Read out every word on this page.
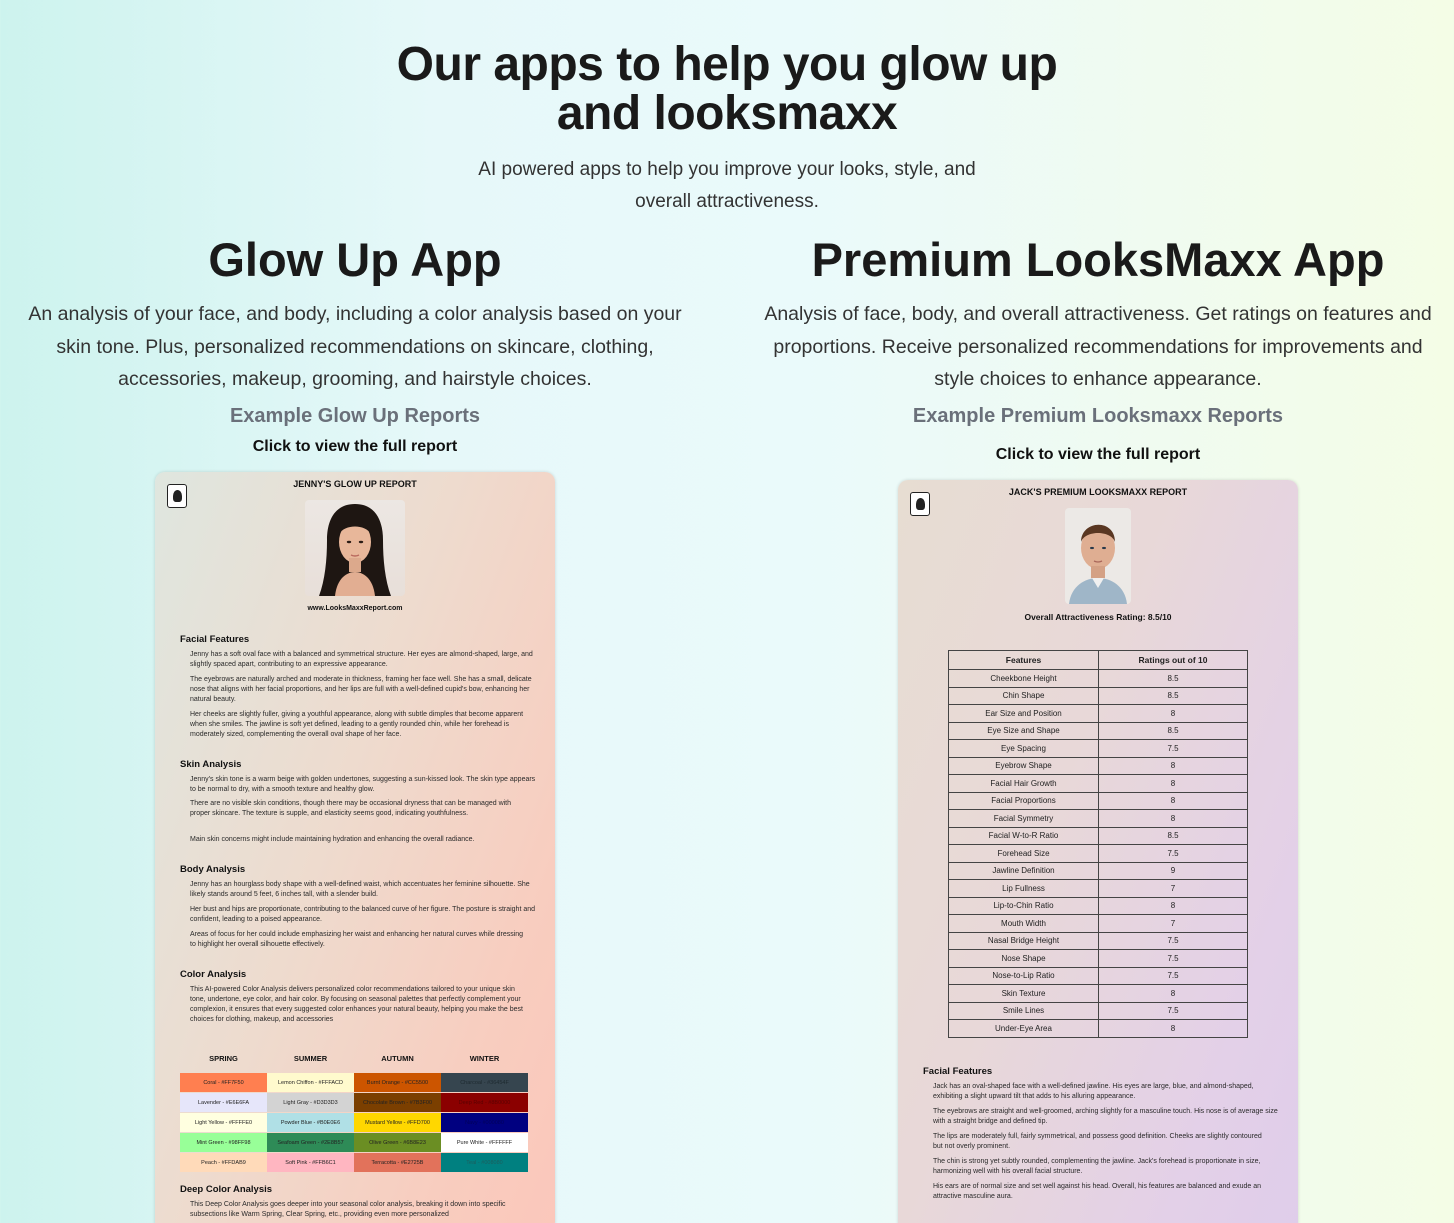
Our apps to help you glow up
and looksmaxx
AI powered apps to help you improve your looks, style, and overall attractiveness.
Glow Up App
An analysis of your face, and body, including a color analysis based on your skin tone. Plus, personalized recommendations on skincare, clothing, accessories, makeup, grooming, and hairstyle choices.
Example Glow Up Reports
Click to view the full report
JENNY'S GLOW UP REPORT
www.LooksMaxxReport.com
Facial Features
Jenny has a soft oval face with a balanced and symmetrical structure. Her eyes are almond-shaped, large, and slightly spaced apart, contributing to an expressive appearance.
The eyebrows are naturally arched and moderate in thickness, framing her face well. She has a small, delicate nose that aligns with her facial proportions, and her lips are full with a well-defined cupid's bow, enhancing her natural beauty.
Her cheeks are slightly fuller, giving a youthful appearance, along with subtle dimples that become apparent when she smiles. The jawline is soft yet defined, leading to a gently rounded chin, while her forehead is moderately sized, complementing the overall oval shape of her face.
Skin Analysis
Jenny's skin tone is a warm beige with golden undertones, suggesting a sun-kissed look. The skin type appears to be normal to dry, with a smooth texture and healthy glow.
There are no visible skin conditions, though there may be occasional dryness that can be managed with proper skincare. The texture is supple, and elasticity seems good, indicating youthfulness.
Main skin concerns might include maintaining hydration and enhancing the overall radiance.
Body Analysis
Jenny has an hourglass body shape with a well-defined waist, which accentuates her feminine silhouette. She likely stands around 5 feet, 6 inches tall, with a slender build.
Her bust and hips are proportionate, contributing to the balanced curve of her figure. The posture is straight and confident, leading to a poised appearance.
Areas of focus for her could include emphasizing her waist and enhancing her natural curves while dressing to highlight her overall silhouette effectively.
Color Analysis
This AI-powered Color Analysis delivers personalized color recommendations tailored to your unique skin tone, undertone, eye color, and hair color. By focusing on seasonal palettes that perfectly complement your complexion, it ensures that every suggested color enhances your natural beauty, helping you make the best choices for clothing, makeup, and accessories
SPRING	SUMMER	AUTUMN	WINTER
Coral - #FF7F50	Lemon Chiffon - #FFFACD	Burnt Orange - #CC5500	Charcoal - #36454F
Lavender - #E6E6FA	Light Gray - #D3D3D3	Chocolate Brown - #7B3F00	Deep Red - #8B0000
Light Yellow - #FFFFE0	Powder Blue - #B0E0E6	Mustard Yellow - #FFD700	Navy - #000080
Mint Green - #98FF98	Seafoam Green - #2E8B57	Olive Green - #6B8E23	Pure White - #FFFFFF
Peach - #FFDAB9	Soft Pink - #FFB6C1	Terracotta - #E2725B	Teal - #008080
Deep Color Analysis
This Deep Color Analysis goes deeper into your seasonal color analysis, breaking it down into specific subsections like Warm Spring, Clear Spring, etc., providing even more personalized
Premium LooksMaxx App
Analysis of face, body, and overall attractiveness. Get ratings on features and proportions. Receive personalized recommendations for improvements and style choices to enhance appearance.
Example Premium Looksmaxx Reports
Click to view the full report
JACK'S PREMIUM LOOKSMAXX REPORT
Overall Attractiveness Rating: 8.5/10
Features	Ratings out of 10
Cheekbone Height	8.5
Chin Shape	8.5
Ear Size and Position	8
Eye Size and Shape	8.5
Eye Spacing	7.5
Eyebrow Shape	8
Facial Hair Growth	8
Facial Proportions	8
Facial Symmetry	8
Facial W-to-R Ratio	8.5
Forehead Size	7.5
Jawline Definition	9
Lip Fullness	7
Lip-to-Chin Ratio	8
Mouth Width	7
Nasal Bridge Height	7.5
Nose Shape	7.5
Nose-to-Lip Ratio	7.5
Skin Texture	8
Smile Lines	7.5
Under-Eye Area	8
Facial Features
Jack has an oval-shaped face with a well-defined jawline. His eyes are large, blue, and almond-shaped, exhibiting a slight upward tilt that adds to his alluring appearance.
The eyebrows are straight and well-groomed, arching slightly for a masculine touch. His nose is of average size with a straight bridge and defined tip.
The lips are moderately full, fairly symmetrical, and possess good definition. Cheeks are slightly contoured but not overly prominent.
The chin is strong yet subtly rounded, complementing the jawline. Jack's forehead is proportionate in size, harmonizing well with his overall facial structure.
His ears are of normal size and set well against his head. Overall, his features are balanced and exude an attractive masculine aura.
